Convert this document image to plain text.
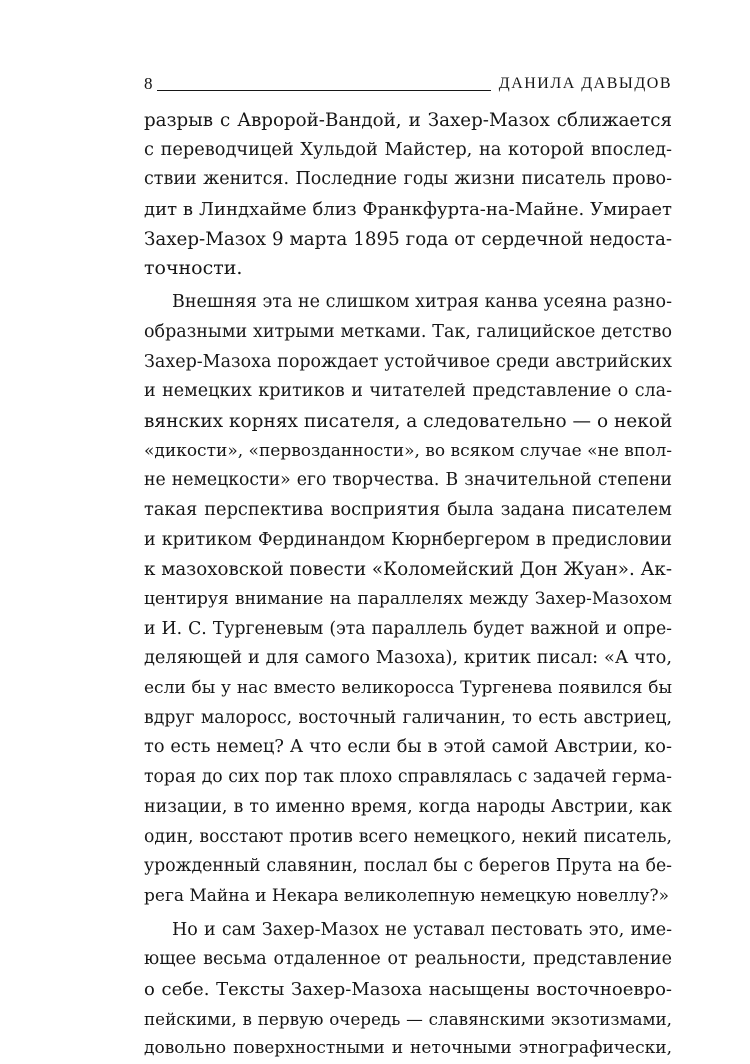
8	ДАНИЛА ДАВЫДОВ
разрыв с Авророй-Вандой, и Захер-Мазох сближается
с переводчицей Хульдой Майстер, на которой впослед-
ствии женится. Последние годы жизни писатель прово-
дит в Линдхайме близ Франкфурта-на-Майне. Умирает
Захер-Мазох 9 марта 1895 года от сердечной недоста-
точности.
Внешняя эта не слишком хитрая канва усеяна разно-
образными хитрыми метками. Так, галицийское детство
Захер-Мазоха порождает устойчивое среди австрийских
и немецких критиков и читателей представление о сла-
вянских корнях писателя, а следовательно — о некой
«дикости», «первозданности», во всяком случае «не впол-
не немецкости» его творчества. В значительной степени
такая перспектива восприятия была задана писателем
и критиком Фердинандом Кюрнбергером в предисловии
к мазоховской повести «Коломейский Дон Жуан». Ак-
центируя внимание на параллелях между Захер-Мазохом
и И. С. Тургеневым (эта параллель будет важной и опре-
деляющей и для самого Мазоха), критик писал: «А что,
если бы у нас вместо великоросса Тургенева появился бы
вдруг малоросс, восточный галичанин, то есть австриец,
то есть немец? А что если бы в этой самой Австрии, ко-
торая до сих пор так плохо справлялась с задачей герма-
низации, в то именно время, когда народы Австрии, как
один, восстают против всего немецкого, некий писатель,
урожденный славянин, послал бы с берегов Прута на бе-
рега Майна и Некара великолепную немецкую новеллу?»
Но и сам Захер-Мазох не уставал пестовать это, име-
ющее весьма отдаленное от реальности, представление
о себе. Тексты Захер-Мазоха насыщены восточноевро-
пейскими, в первую очередь — славянскими экзотизмами,
довольно поверхностными и неточными этнографически,
